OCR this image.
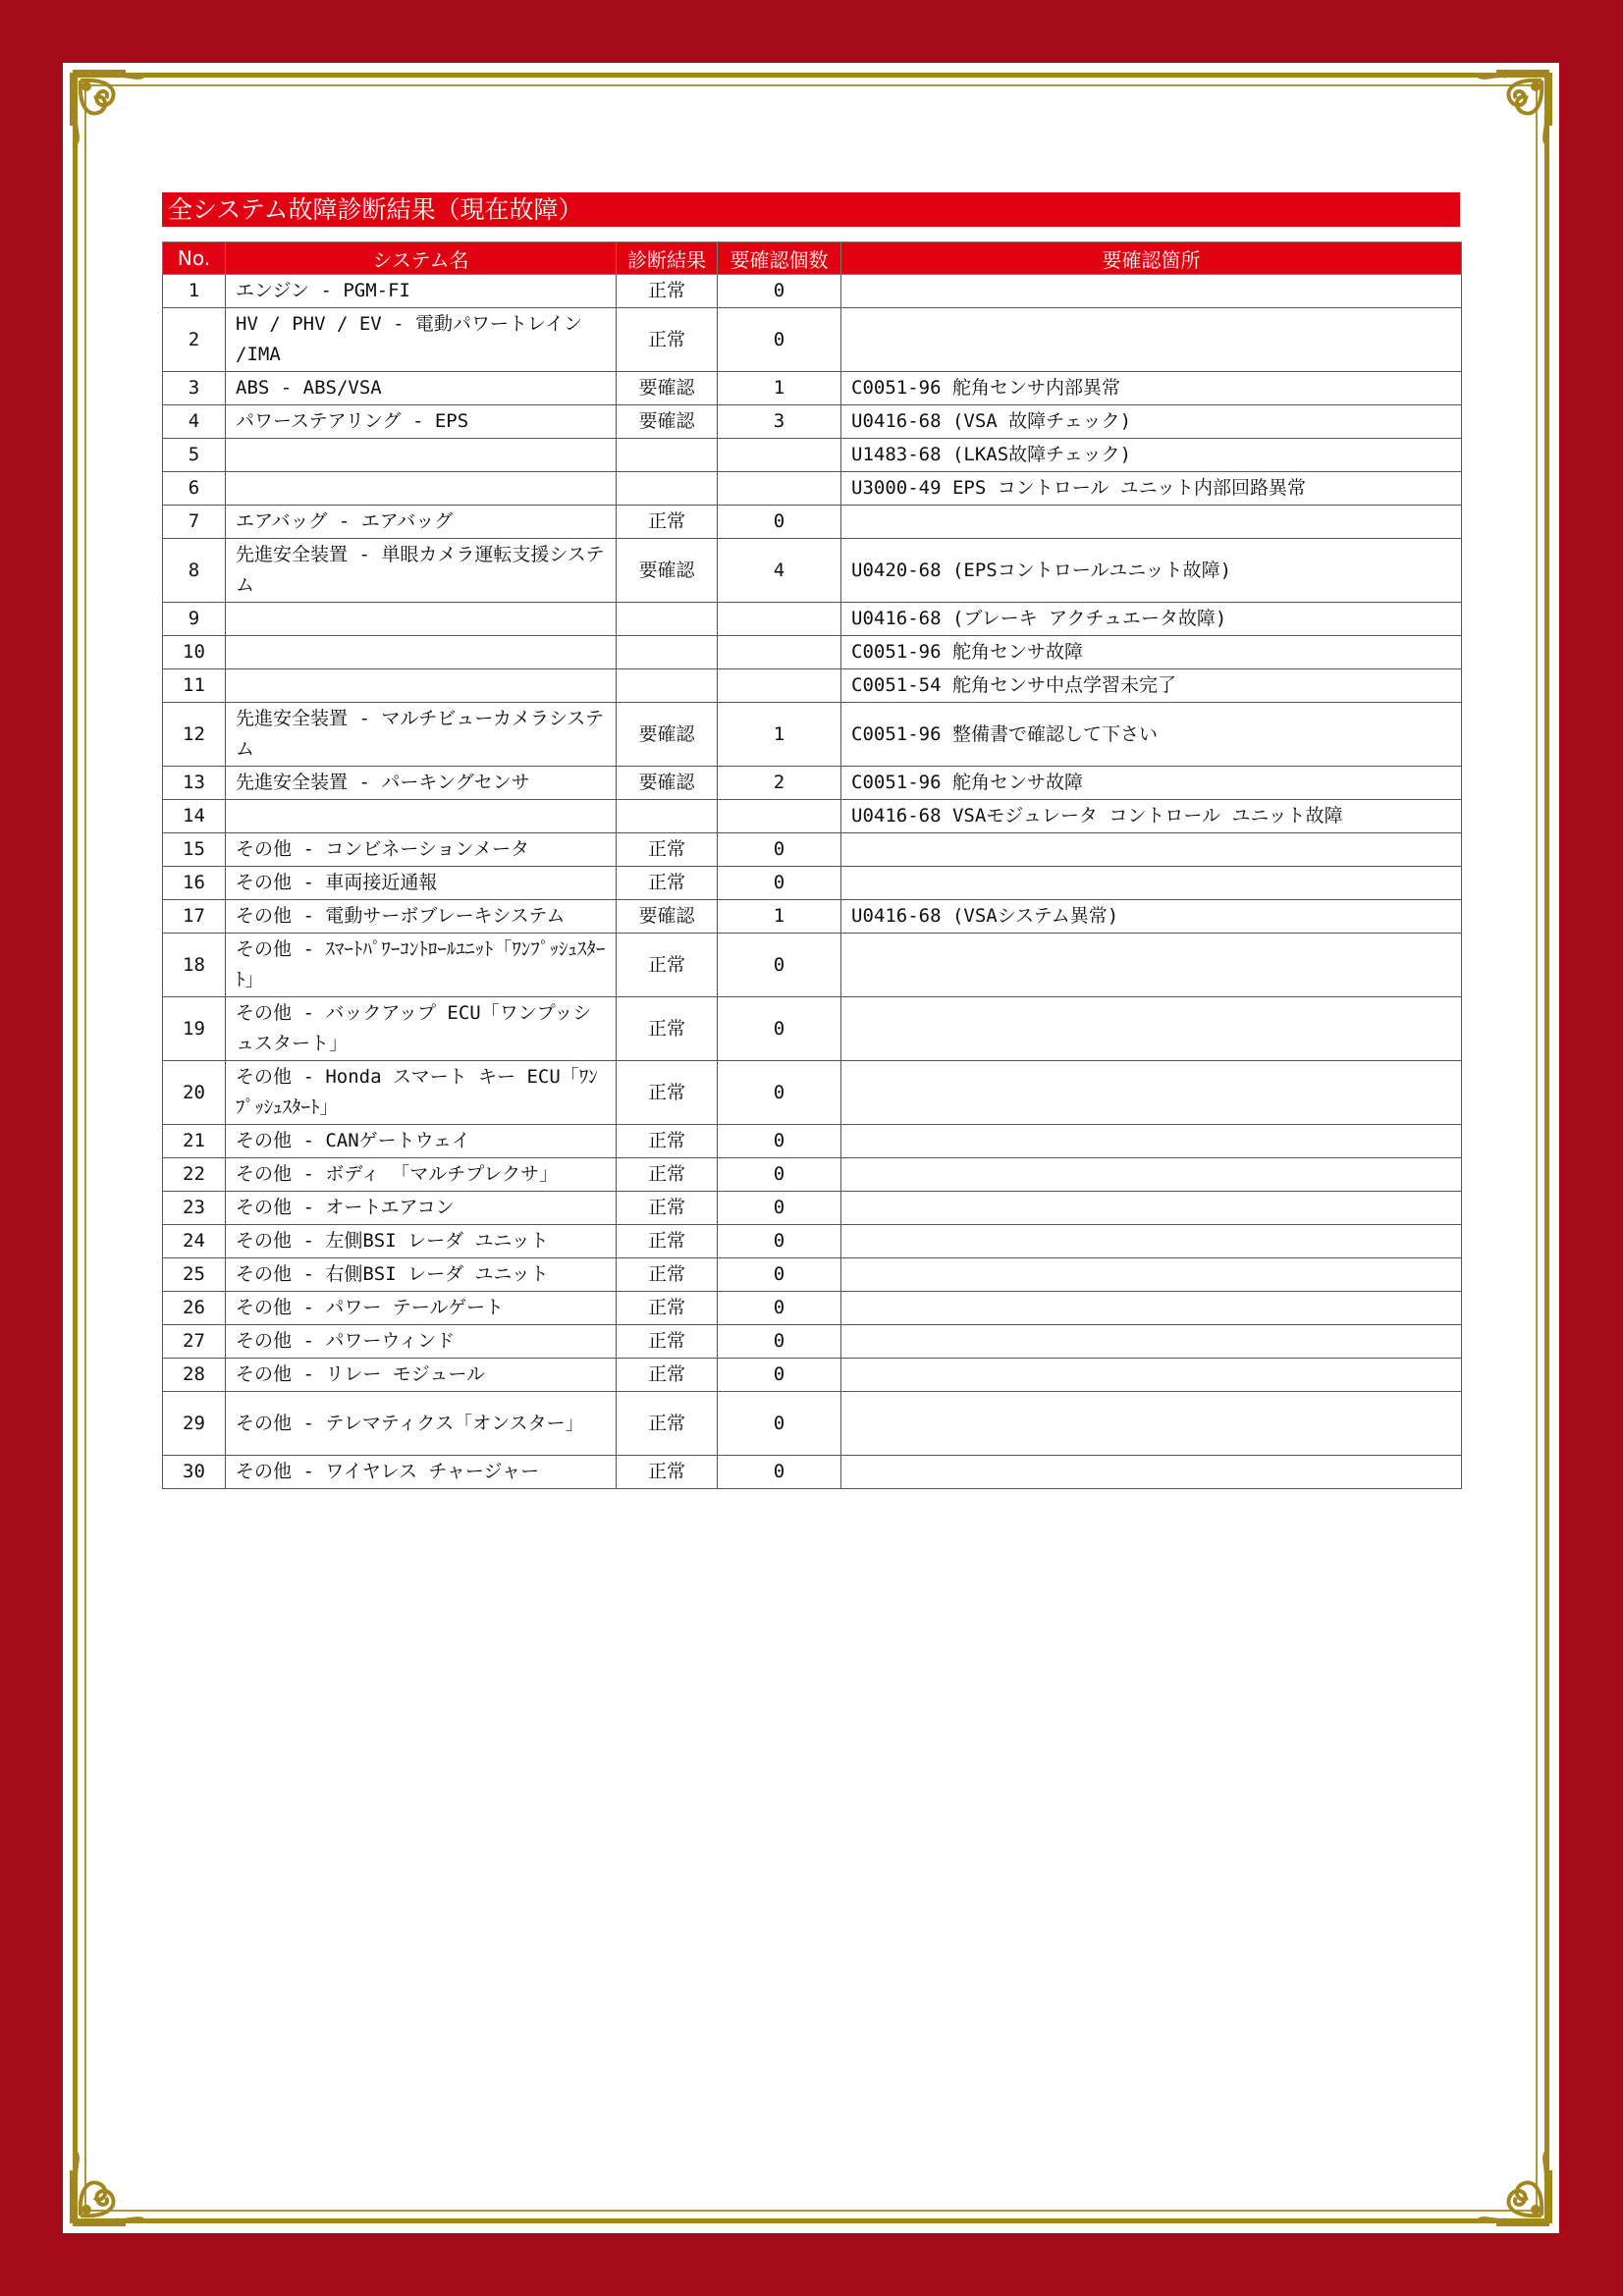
全システム故障診断結果（現在故障）
No.	システム名	診断結果	要確認個数	要確認箇所
1	エンジン - PGM-FI	正常	0	
2	HV / PHV / EV - 電動パワートレイン /IMA	正常	0	
3	ABS - ABS/VSA	要確認	1	C0051-96 舵角センサ内部異常
4	パワーステアリング - EPS	要確認	3	U0416-68 (VSA 故障チェック)
5				U1483-68 (LKAS故障チェック)
6				U3000-49 EPS コントロール ユニット内部回路異常
7	エアバッグ - エアバッグ	正常	0	
8	先進安全装置 - 単眼カメラ運転支援システム	要確認	4	U0420-68 (EPSコントロールユニット故障)
9				U0416-68 (ブレーキ アクチュエータ故障)
10				C0051-96 舵角センサ故障
11				C0051-54 舵角センサ中点学習未完了
12	先進安全装置 - マルチビューカメラシステム	要確認	1	C0051-96 整備書で確認して下さい
13	先進安全装置 - パーキングセンサ	要確認	2	C0051-96 舵角センサ故障
14				U0416-68 VSAモジュレータ コントロール ユニット故障
15	その他 - コンビネーションメータ	正常	0	
16	その他 - 車両接近通報	正常	0	
17	その他 - 電動サーボブレーキシステム	要確認	1	U0416-68 (VSAシステム異常)
18	その他 - ｽﾏｰﾄﾊﾟﾜｰｺﾝﾄﾛｰﾙﾕﾆｯﾄ「ﾜﾝﾌﾟｯｼｭｽﾀｰﾄ」	正常	0	
19	その他 - バックアップ ECU「ワンプッシュスタート」	正常	0	
20	その他 - Honda スマート キー ECU「ﾜﾝﾌﾟｯｼｭｽﾀｰﾄ」	正常	0	
21	その他 - CANゲートウェイ	正常	0	
22	その他 - ボディ 「マルチプレクサ」	正常	0	
23	その他 - オートエアコン	正常	0	
24	その他 - 左側BSI レーダ ユニット	正常	0	
25	その他 - 右側BSI レーダ ユニット	正常	0	
26	その他 - パワー テールゲート	正常	0	
27	その他 - パワーウィンド	正常	0	
28	その他 - リレー モジュール	正常	0	
29	その他 - テレマティクス「オンスター」	正常	0	
30	その他 - ワイヤレス チャージャー	正常	0	
